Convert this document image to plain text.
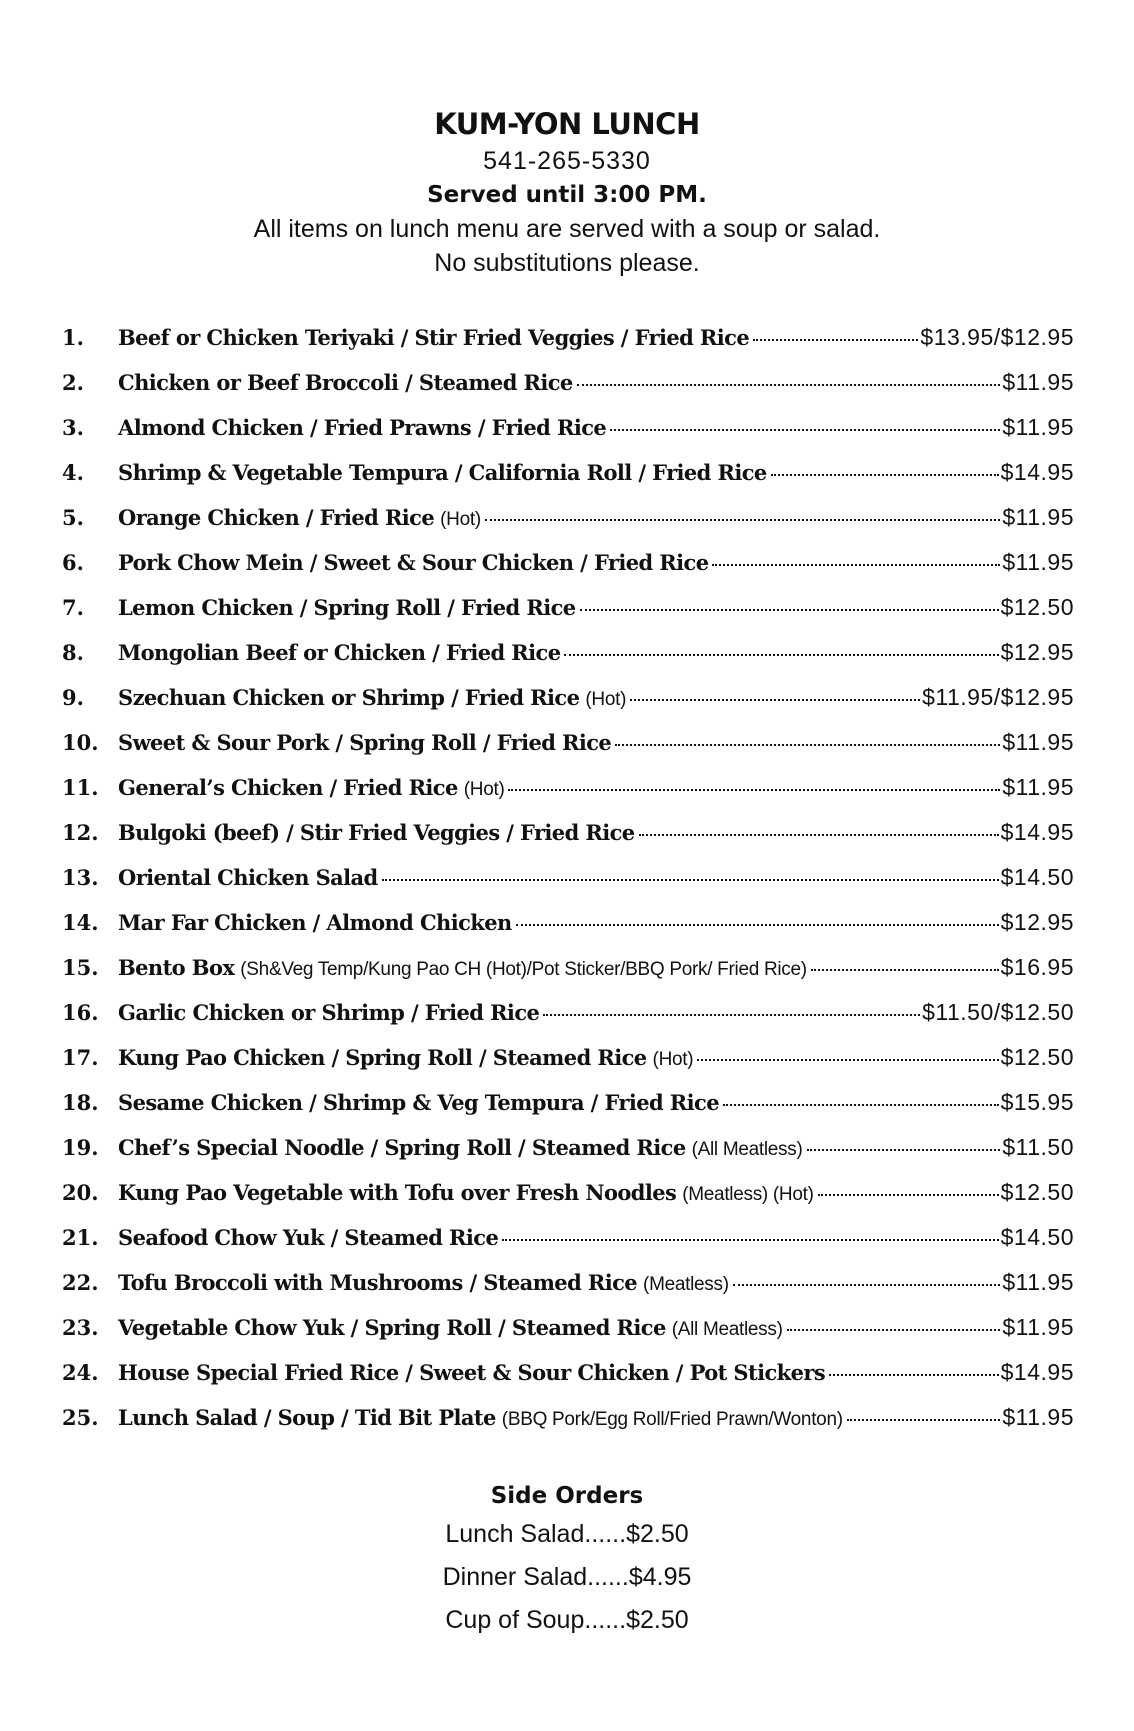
KUM-YON LUNCH
541-265-5330
Served until 3:00 PM.
All items on lunch menu are served with a soup or salad.
No substitutions please.
1.	Beef or Chicken Teriyaki / Stir Fried Veggies / Fried Rice	$13.95/$12.95
2.	Chicken or Beef Broccoli / Steamed Rice	$11.95
3.	Almond Chicken / Fried Prawns / Fried Rice	$11.95
4.	Shrimp & Vegetable Tempura / California Roll / Fried Rice	$14.95
5.	Orange Chicken / Fried Rice (Hot)	$11.95
6.	Pork Chow Mein / Sweet & Sour Chicken / Fried Rice	$11.95
7.	Lemon Chicken / Spring Roll / Fried Rice	$12.50
8.	Mongolian Beef or Chicken / Fried Rice	$12.95
9.	Szechuan Chicken or Shrimp / Fried Rice (Hot)	$11.95/$12.95
10. Sweet & Sour Pork / Spring Roll / Fried Rice	$11.95
11. General’s Chicken / Fried Rice (Hot)	$11.95
12. Bulgoki (beef) / Stir Fried Veggies / Fried Rice	$14.95
13. Oriental Chicken Salad	$14.50
14. Mar Far Chicken / Almond Chicken	$12.95
15. Bento Box (Sh&Veg Temp/Kung Pao CH (Hot)/Pot Sticker/BBQ Pork/ Fried Rice)	$16.95
16. Garlic Chicken or Shrimp / Fried Rice	$11.50/$12.50
17. Kung Pao Chicken / Spring Roll / Steamed Rice (Hot)	$12.50
18. Sesame Chicken / Shrimp & Veg Tempura / Fried Rice	$15.95
19. Chef’s Special Noodle / Spring Roll / Steamed Rice (All Meatless)	$11.50
20. Kung Pao Vegetable with Tofu over Fresh Noodles (Meatless) (Hot)	$12.50
21. Seafood Chow Yuk / Steamed Rice	$14.50
22. Tofu Broccoli with Mushrooms / Steamed Rice (Meatless)	$11.95
23. Vegetable Chow Yuk / Spring Roll / Steamed Rice (All Meatless)	$11.95
24. House Special Fried Rice / Sweet & Sour Chicken / Pot Stickers	$14.95
25. Lunch Salad / Soup / Tid Bit Plate (BBQ Pork/Egg Roll/Fried Prawn/Wonton)	$11.95
Side Orders
Lunch Salad......$2.50
Dinner Salad......$4.95
Cup of Soup......$2.50
